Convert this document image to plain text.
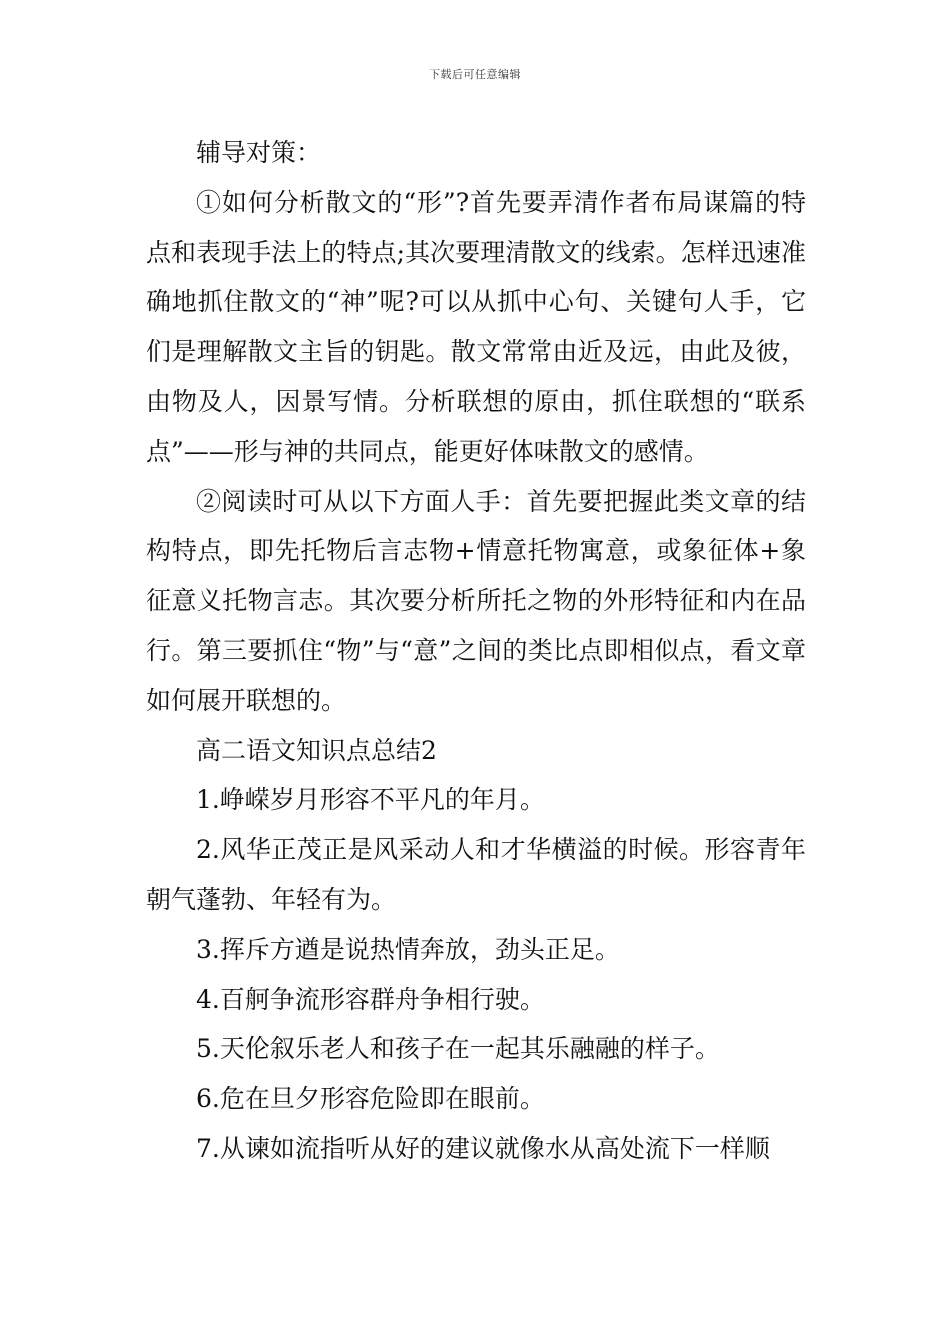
下载后可任意编辑

辅导对策：

①如何分析散文的“形”?首先要弄清作者布局谋篇的特点和表现手法上的特点;其次要理清散文的线索。怎样迅速准确地抓住散文的“神”呢?可以从抓中心句、关键句人手，它们是理解散文主旨的钥匙。散文常常由近及远，由此及彼，由物及人，因景写情。分析联想的原由，抓住联想的“联系点”——形与神的共同点，能更好体味散文的感情。

②阅读时可从以下方面人手：首先要把握此类文章的结构特点，即先托物后言志物+情意托物寓意，或象征体+象征意义托物言志。其次要分析所托之物的外形特征和内在品行。第三要抓住“物”与“意”之间的类比点即相似点，看文章如何展开联想的。

高二语文知识点总结2

1.峥嵘岁月形容不平凡的年月。

2.风华正茂正是风采动人和才华横溢的时候。形容青年朝气蓬勃、年轻有为。

3.挥斥方遒是说热情奔放，劲头正足。

4.百舸争流形容群舟争相行驶。

5.天伦叙乐老人和孩子在一起其乐融融的样子。

6.危在旦夕形容危险即在眼前。

7.从谏如流指听从好的建议就像水从高处流下一样顺
